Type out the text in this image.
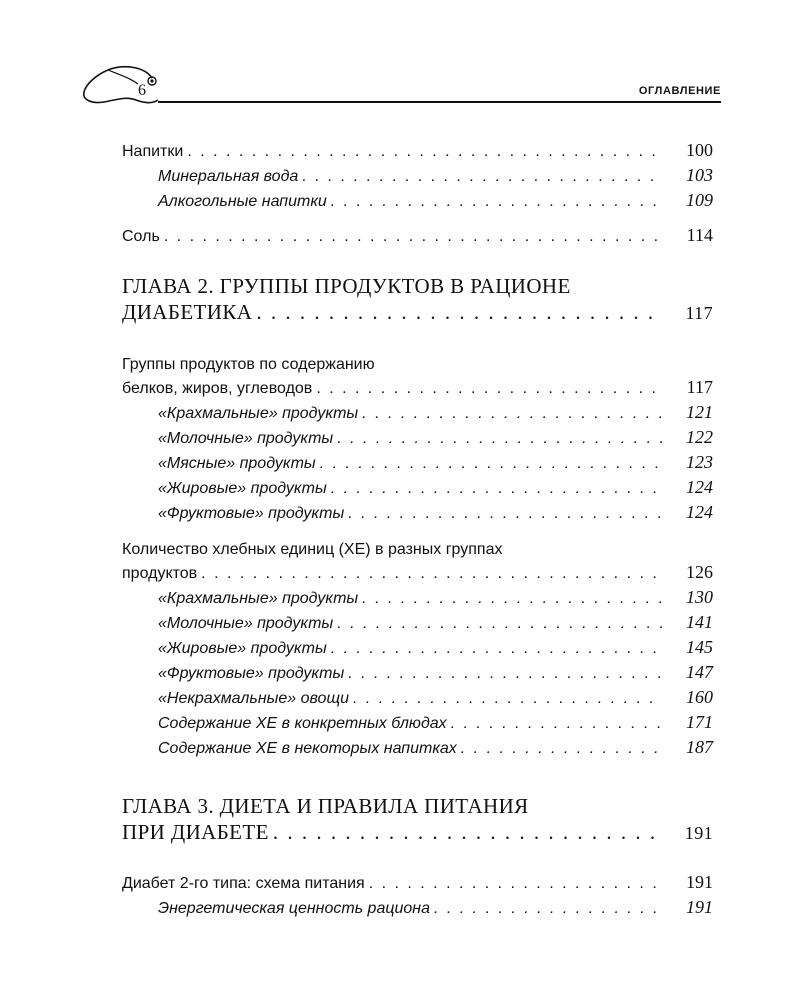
6	ОГЛАВЛЕНИЕ
Напитки . . .	100
Минеральная вода . . .	103
Алкогольные напитки . . .	109
Соль . . .	114
ГЛАВА 2. ГРУППЫ ПРОДУКТОВ В РАЦИОНЕ
ДИАБЕТИКА . . .	117
Группы продуктов по содержанию
белков, жиров, углеводов . . .	117
«Крахмальные» продукты . . .	121
«Молочные» продукты . . .	122
«Мясные» продукты . . .	123
«Жировые» продукты . . .	124
«Фруктовые» продукты . . .	124
Количество хлебных единиц (ХЕ) в разных группах
продуктов . . .	126
«Крахмальные» продукты . . .	130
«Молочные» продукты . . .	141
«Жировые» продукты . . .	145
«Фруктовые» продукты . . .	147
«Некрахмальные» овощи . . .	160
Содержание ХЕ в конкретных блюдах . . .	171
Содержание ХЕ в некоторых напитках . . .	187
ГЛАВА 3. ДИЕТА И ПРАВИЛА ПИТАНИЯ
ПРИ ДИАБЕТЕ . . .	191
Диабет 2-го типа: схема питания . . .	191
Энергетическая ценность рациона . . .	191
